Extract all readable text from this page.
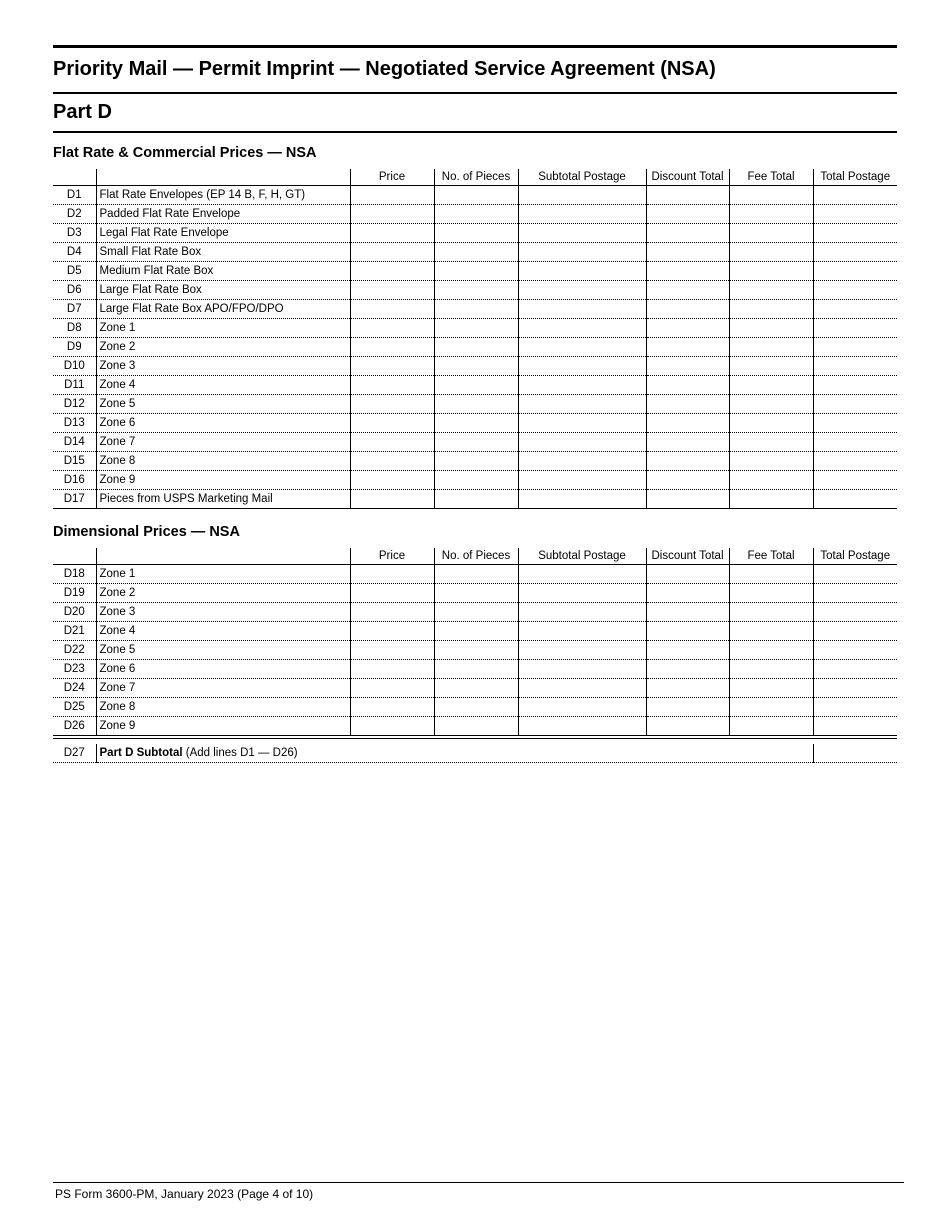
Priority Mail — Permit Imprint — Negotiated Service Agreement (NSA)
Part D
Flat Rate & Commercial Prices — NSA
		Price	No. of Pieces	Subtotal Postage	Discount Total	Fee Total	Total Postage
D1	Flat Rate Envelopes (EP 14 B, F, H, GT)						
D2	Padded Flat Rate Envelope						
D3	Legal Flat Rate Envelope						
D4	Small Flat Rate Box						
D5	Medium Flat Rate Box						
D6	Large Flat Rate Box						
D7	Large Flat Rate Box APO/FPO/DPO						
D8	Zone 1						
D9	Zone 2						
D10	Zone 3						
D11	Zone 4						
D12	Zone 5						
D13	Zone 6						
D14	Zone 7						
D15	Zone 8						
D16	Zone 9						
D17	Pieces from USPS Marketing Mail						
Dimensional Prices — NSA
		Price	No. of Pieces	Subtotal Postage	Discount Total	Fee Total	Total Postage
D18	Zone 1						
D19	Zone 2						
D20	Zone 3						
D21	Zone 4						
D22	Zone 5						
D23	Zone 6						
D24	Zone 7						
D25	Zone 8						
D26	Zone 9						
D27	Part D Subtotal (Add lines D1 — D26)	
PS Form 3600-PM, January 2023 (Page 4 of 10)
